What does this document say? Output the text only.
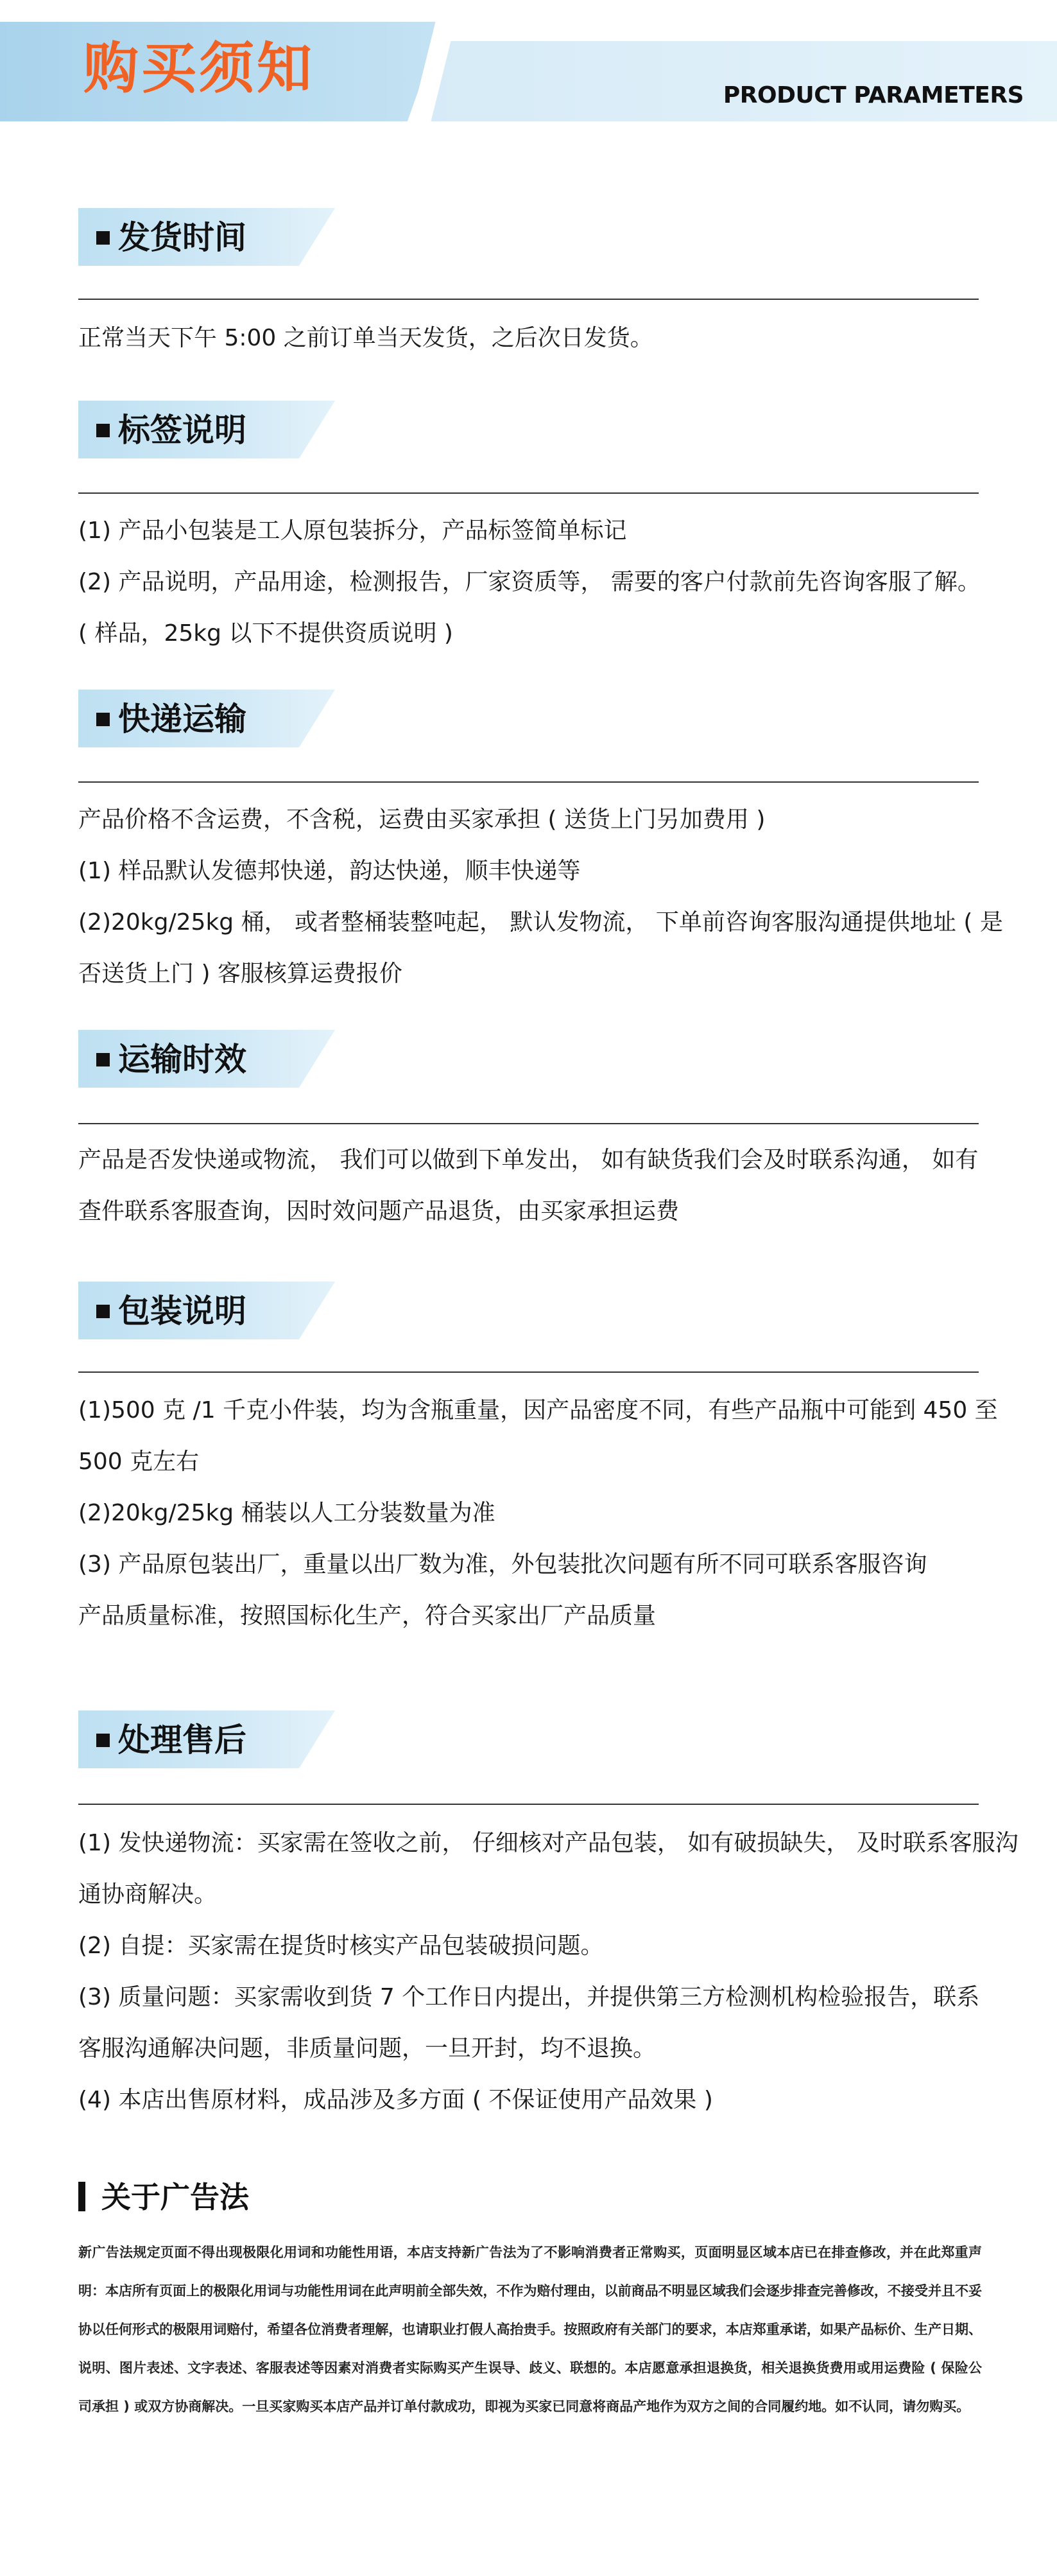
购买须知	PRODUCT PARAMETERS
发货时间
正常当天下午 5:00 之前订单当天发货，之后次日发货。
标签说明
(1) 产品小包装是工人原包装拆分，产品标签简单标记
(2) 产品说明，产品用途，检测报告，厂家资质等， 需要的客户付款前先咨询客服了解。
( 样品，25kg 以下不提供资质说明 )
快递运输
产品价格不含运费，不含税，运费由买家承担 ( 送货上门另加费用 )
(1) 样品默认发德邦快递，韵达快递，顺丰快递等
(2)20kg/25kg 桶， 或者整桶装整吨起， 默认发物流， 下单前咨询客服沟通提供地址 ( 是
否送货上门 ) 客服核算运费报价
运输时效
产品是否发快递或物流， 我们可以做到下单发出， 如有缺货我们会及时联系沟通， 如有
查件联系客服查询，因时效问题产品退货，由买家承担运费
包装说明
(1)500 克 /1 千克小件装，均为含瓶重量，因产品密度不同，有些产品瓶中可能到 450 至
500 克左右
(2)20kg/25kg 桶装以人工分装数量为准
(3) 产品原包装出厂，重量以出厂数为准，外包装批次问题有所不同可联系客服咨询
产品质量标准，按照国标化生产，符合买家出厂产品质量
处理售后
(1) 发快递物流：买家需在签收之前， 仔细核对产品包装， 如有破损缺失， 及时联系客服沟
通协商解决。
(2) 自提：买家需在提货时核实产品包装破损问题。
(3) 质量问题：买家需收到货 7 个工作日内提出，并提供第三方检测机构检验报告，联系
客服沟通解决问题，非质量问题，一旦开封，均不退换。
(4) 本店出售原材料，成品涉及多方面 ( 不保证使用产品效果 )
关于广告法
新广告法规定页面不得出现极限化用词和功能性用语，本店支持新广告法为了不影响消费者正常购买，页面明显区域本店已在排查修改，并在此郑重声明：本店所有页面上的极限化用词与功能性用词在此声明前全部失效，不作为赔付理由，以前商品不明显区域我们会逐步排查完善修改，不接受并且不妥协以任何形式的极限用词赔付，希望各位消费者理解，也请职业打假人高抬贵手。按照政府有关部门的要求，本店郑重承诺，如果产品标价、生产日期、说明、图片表述、文字表述、客服表述等因素对消费者实际购买产生误导、歧义、联想的。本店愿意承担退换货，相关退换货费用或用运费险 ( 保险公司承担 ) 或双方协商解决。一旦买家购买本店产品并订单付款成功，即视为买家已同意将商品产地作为双方之间的合同履约地。如不认同，请勿购买。
